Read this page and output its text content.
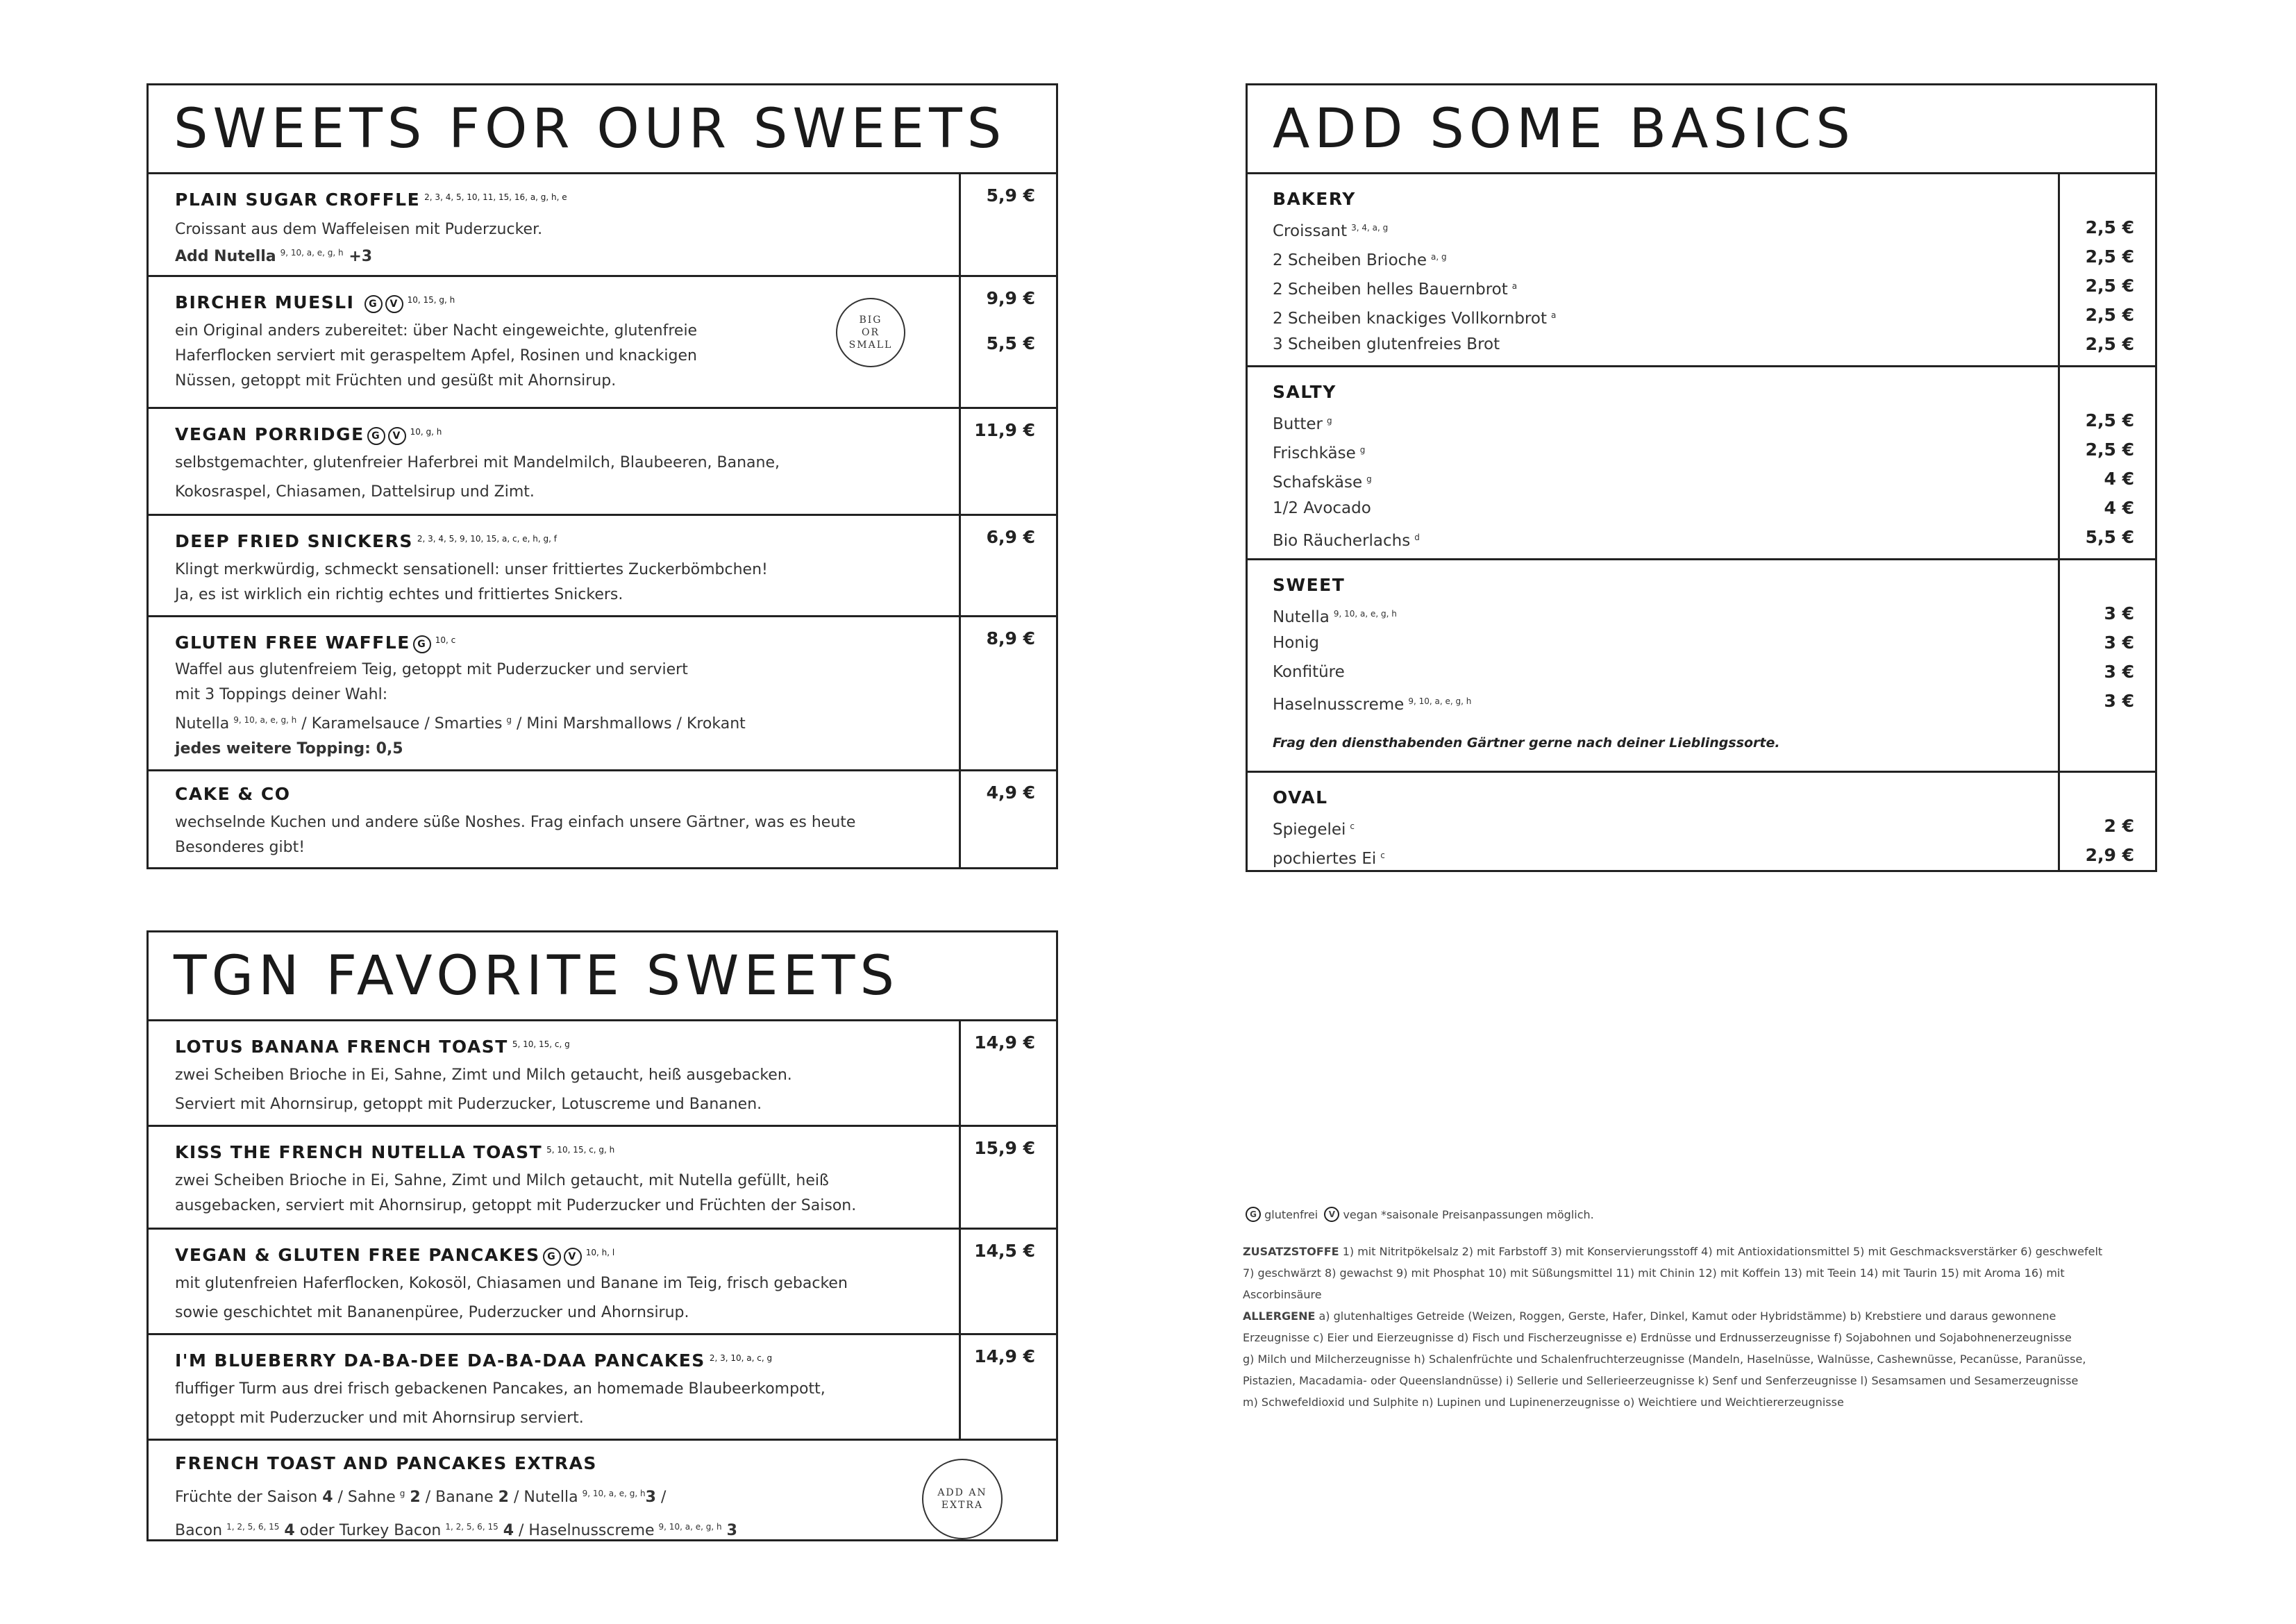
SWEETS FOR OUR SWEETS
PLAIN SUGAR CROFFLE $^{2, 3, 4, 5, 10, 11, 15, 16, a, g, h, e}$
Croissant aus dem Waffeleisen mit Puderzucker.
Add Nutella $^{9, 10, a, e, g, h}$ +3
5,9 €
BIRCHER MUESLI G V $^{10, 15, g, h}$
ein Original anders zubereitet: über Nacht eingeweichte, glutenfreie
Haferflocken serviert mit geraspeltem Apfel, Rosinen und knackigen
Nüssen, getoppt mit Früchten und gesüßt mit Ahornsirup.
BIG
OR
SMALL
9,9 €
5,5 €
VEGAN PORRIDGE G V $^{10, g, h}$
selbstgemachter, glutenfreier Haferbrei mit Mandelmilch, Blaubeeren, Banane,
Kokosraspel, Chiasamen, Dattelsirup und Zimt.
11,9 €
DEEP FRIED SNICKERS $^{2, 3, 4, 5, 9, 10, 15, a, c, e, h, g, f}$
Klingt merkwürdig, schmeckt sensationell: unser frittiertes Zuckerbömbchen!
Ja, es ist wirklich ein richtig echtes und frittiertes Snickers.
6,9 €
GLUTEN FREE WAFFLE G $^{10, c}$
Waffel aus glutenfreiem Teig, getoppt mit Puderzucker und serviert
mit 3 Toppings deiner Wahl:
Nutella $^{9, 10, a, e, g, h}$ / Karamelsauce / Smarties $^g$ / Mini Marshmallows / Krokant
jedes weitere Topping: 0,5
8,9 €
CAKE & CO
wechselnde Kuchen und andere süße Noshes. Frag einfach unsere Gärtner, was es heute
Besonderes gibt!
4,9 €
TGN FAVORITE SWEETS
LOTUS BANANA FRENCH TOAST $^{5, 10, 15, c, g}$
zwei Scheiben Brioche in Ei, Sahne, Zimt und Milch getaucht, heiß ausgebacken.
Serviert mit Ahornsirup, getoppt mit Puderzucker, Lotuscreme und Bananen.
14,9 €
KISS THE FRENCH NUTELLA TOAST $^{5, 10, 15, c, g, h}$
zwei Scheiben Brioche in Ei, Sahne, Zimt und Milch getaucht, mit Nutella gefüllt, heiß
ausgebacken, serviert mit Ahornsirup, getoppt mit Puderzucker und Früchten der Saison.
15,9 €
VEGAN & GLUTEN FREE PANCAKES G V $^{10, h, l}$
mit glutenfreien Haferflocken, Kokosöl, Chiasamen und Banane im Teig, frisch gebacken
sowie geschichtet mit Bananenpüree, Puderzucker und Ahornsirup.
14,5 €
I'M BLUEBERRY DA-BA-DEE DA-BA-DAA PANCAKES $^{2, 3, 10, a, c, g}$
fluffiger Turm aus drei frisch gebackenen Pancakes, an homemade Blaubeerkompott,
getoppt mit Puderzucker und mit Ahornsirup serviert.
14,9 €
FRENCH TOAST AND PANCAKES EXTRAS
Früchte der Saison 4 / Sahne $^g$ 2 / Banane 2 / Nutella $^{9, 10, a, e, g, h}$3 /
Bacon $^{1, 2, 5, 6, 15}$ 4 oder Turkey Bacon $^{1, 2, 5, 6, 15}$ 4 / Haselnusscreme $^{9, 10, a, e, g, h}$ 3
ADD AN
EXTRA
ADD SOME BASICS
BAKERY
Croissant $^{3, 4, a, g}$
2 Scheiben Brioche $^{a, g}$
2 Scheiben helles Bauernbrot $^a$
2 Scheiben knackiges Vollkornbrot $^a$
3 Scheiben glutenfreies Brot
2,5 €
2,5 €
2,5 €
2,5 €
2,5 €
SALTY
Butter $^g$
Frischkäse $^g$
Schafskäse $^g$
1/2 Avocado
Bio Räucherlachs $^d$
2,5 €
2,5 €
4 €
4 €
5,5 €
SWEET
Nutella $^{9, 10, a, e, g, h}$
Honig
Konfitüre
Haselnusscreme $^{9, 10, a, e, g, h}$
Frag den diensthabenden Gärtner gerne nach deiner Lieblingssorte.
3 €
3 €
3 €
3 €
OVAL
Spiegelei $^c$
pochiertes Ei $^c$
2 €
2,9 €
G glutenfrei V vegan *saisonale Preisanpassungen möglich.
ZUSATZSTOFFE 1) mit Nitritpökelsalz 2) mit Farbstoff 3) mit Konservierungsstoff 4) mit Antioxidationsmittel 5) mit Geschmacksverstärker 6) geschwefelt
7) geschwärzt 8) gewachst 9) mit Phosphat 10) mit Süßungsmittel 11) mit Chinin 12) mit Koffein 13) mit Teein 14) mit Taurin 15) mit Aroma 16) mit Ascorbinsäure
ALLERGENE a) glutenhaltiges Getreide (Weizen, Roggen, Gerste, Hafer, Dinkel, Kamut oder Hybridstämme) b) Krebstiere und daraus gewonnene
Erzeugnisse c) Eier und Eierzeugnisse d) Fisch und Fischerzeugnisse e) Erdnüsse und Erdnusserzeugnisse f) Sojabohnen und Sojabohnenerzeugnisse
g) Milch und Milcherzeugnisse h) Schalenfrüchte und Schalenfruchterzeugnisse (Mandeln, Haselnüsse, Walnüsse, Cashewnüsse, Pecanüsse, Paranüsse,
Pistazien, Macadamia- oder Queenslandnüsse) i) Sellerie und Sellerieerzeugnisse k) Senf und Senferzeugnisse l) Sesamsamen und Sesamerzeugnisse
m) Schwefeldioxid und Sulphite n) Lupinen und Lupinenerzeugnisse o) Weichtiere und Weichtiererzeugnisse
